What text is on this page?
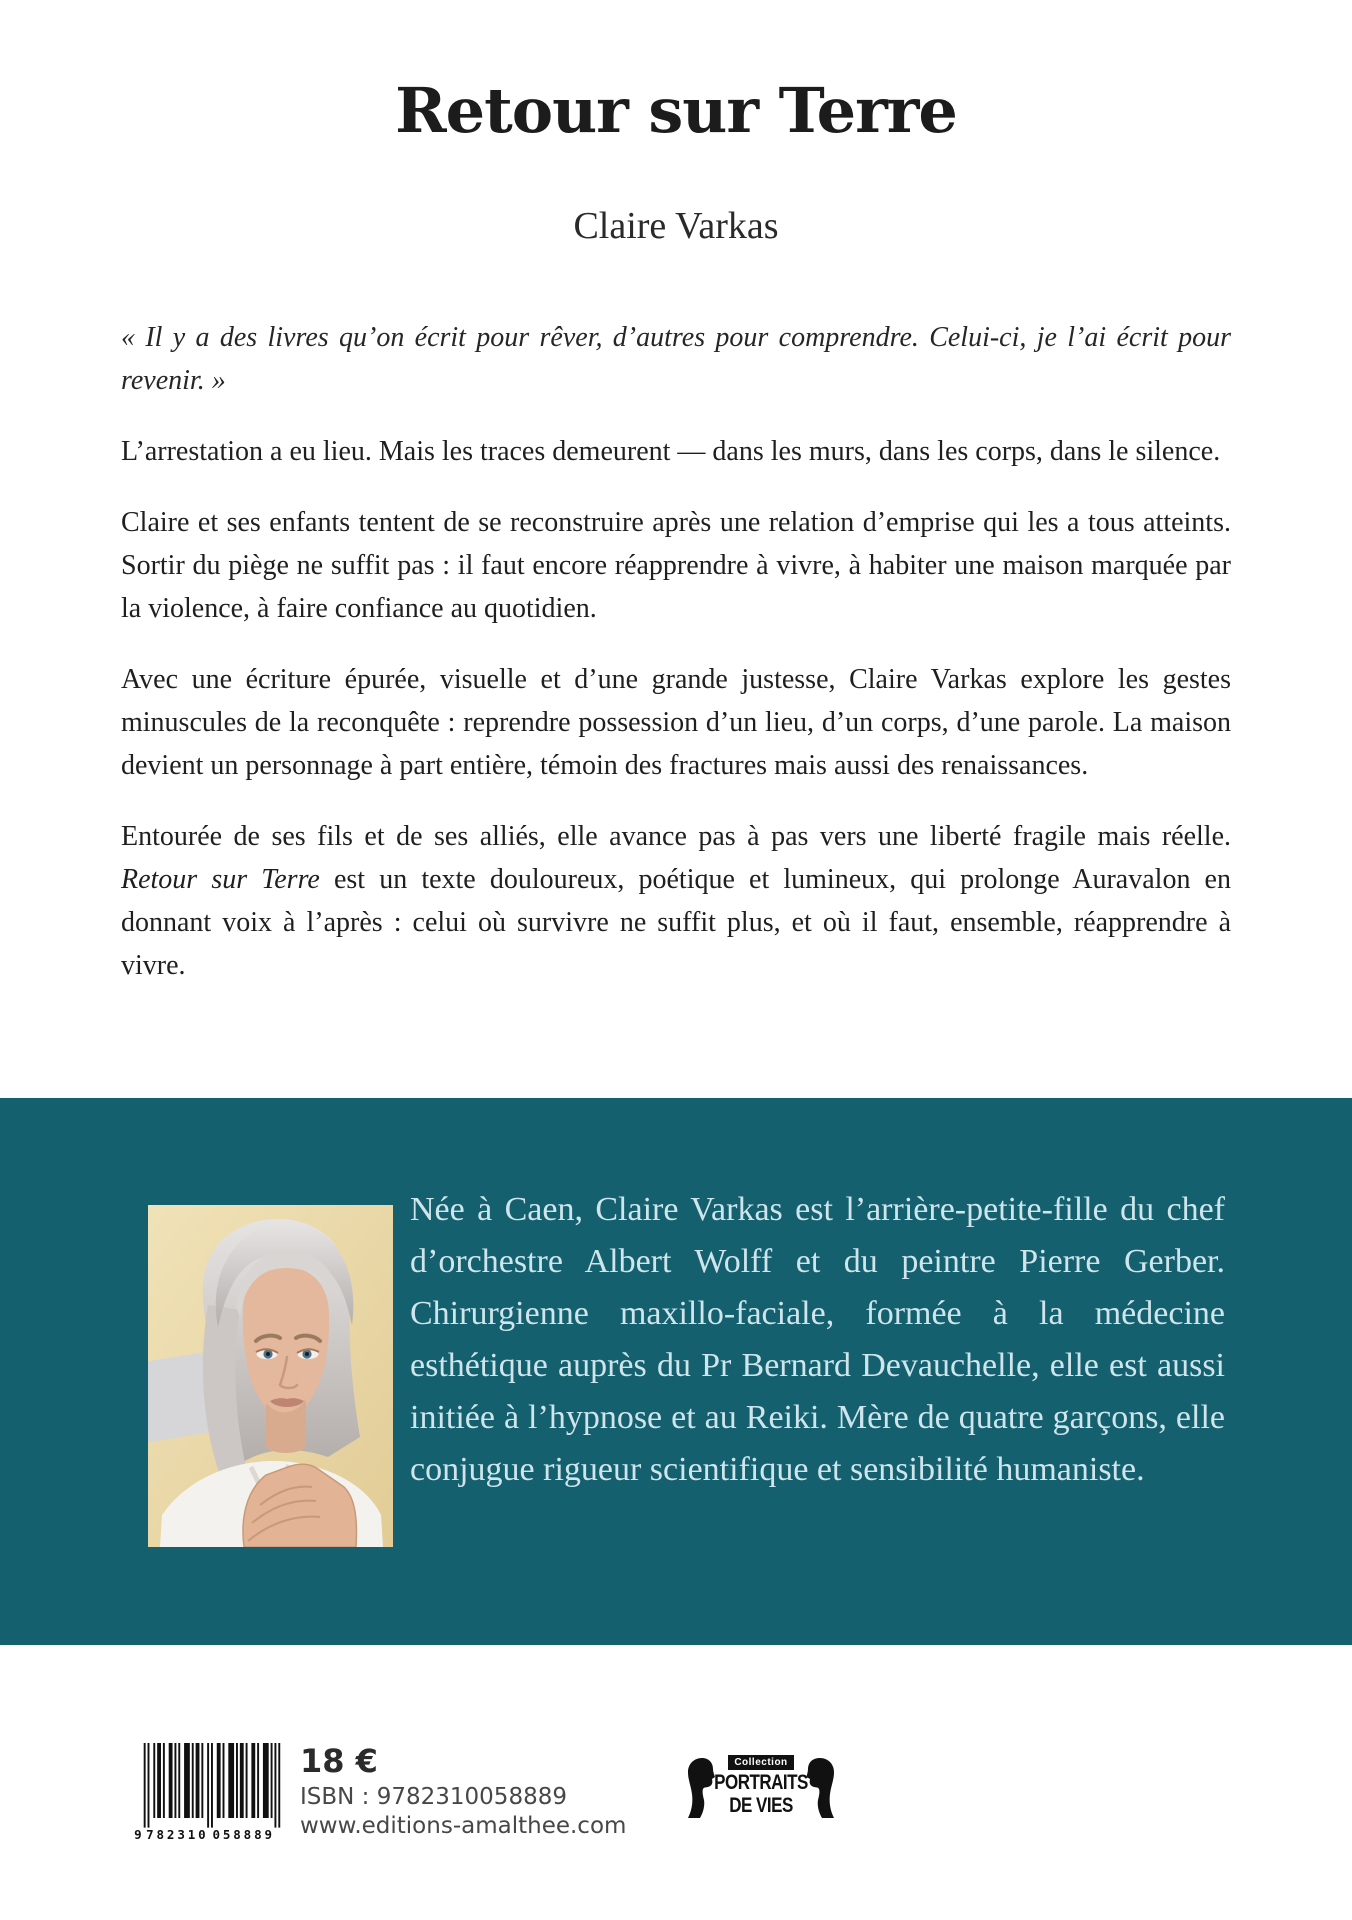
Retour sur Terre
Claire Varkas

« Il y a des livres qu’on écrit pour rêver, d’autres pour comprendre. Celui-ci, je l’ai écrit pour revenir. »

L’arrestation a eu lieu. Mais les traces demeurent — dans les murs, dans les corps, dans le silence.

Claire et ses enfants tentent de se reconstruire après une relation d’emprise qui les a tous atteints. Sortir du piège ne suffit pas : il faut encore réapprendre à vivre, à habiter une maison marquée par la violence, à faire confiance au quotidien.

Avec une écriture épurée, visuelle et d’une grande justesse, Claire Varkas explore les gestes minuscules de la reconquête : reprendre possession d’un lieu, d’un corps, d’une parole. La maison devient un personnage à part entière, témoin des fractures mais aussi des renaissances.

Entourée de ses fils et de ses alliés, elle avance pas à pas vers une liberté fragile mais réelle. Retour sur Terre est un texte douloureux, poétique et lumineux, qui prolonge Auravalon en donnant voix à l’après : celui où survivre ne suffit plus, et où il faut, ensemble, réapprendre à vivre.

Née à Caen, Claire Varkas est l’arrière-petite-fille du chef d’orchestre Albert Wolff et du peintre Pierre Gerber. Chirurgienne maxillo-faciale, formée à la médecine esthétique auprès du Pr Bernard Devauchelle, elle est aussi initiée à l’hypnose et au Reiki. Mère de quatre garçons, elle conjugue rigueur scientifique et sensibilité humaniste.

9 782310 058889
18 €
ISBN : 9782310058889
www.editions-amalthee.com
Collection
PORTRAITS
DE VIES
